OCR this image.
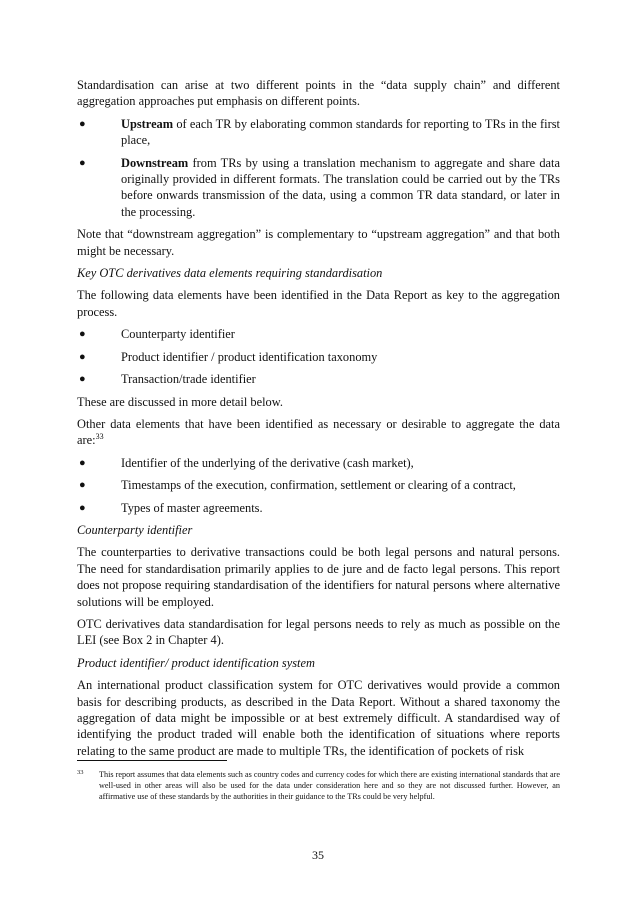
Standardisation can arise at two different points in the “data supply chain” and different aggregation approaches put emphasis on different points.

●	Upstream of each TR by elaborating common standards for reporting to TRs in the first place,
●	Downstream from TRs by using a translation mechanism to aggregate and share data originally provided in different formats. The translation could be carried out by the TRs before onwards transmission of the data, using a common TR data standard, or later in the processing.

Note that “downstream aggregation” is complementary to “upstream aggregation” and that both might be necessary.

Key OTC derivatives data elements requiring standardisation

The following data elements have been identified in the Data Report as key to the aggregation process.

●	Counterparty identifier
●	Product identifier / product identification taxonomy
●	Transaction/trade identifier

These are discussed in more detail below.

Other data elements that have been identified as necessary or desirable to aggregate the data are:$^{33}$

●	Identifier of the underlying of the derivative (cash market),
●	Timestamps of the execution, confirmation, settlement or clearing of a contract,
●	Types of master agreements.

Counterparty identifier

The counterparties to derivative transactions could be both legal persons and natural persons. The need for standardisation primarily applies to de jure and de facto legal persons. This report does not propose requiring standardisation of the identifiers for natural persons where alternative solutions will be employed.

OTC derivatives data standardisation for legal persons needs to rely as much as possible on the LEI (see Box 2 in Chapter 4).

Product identifier/ product identification system

An international product classification system for OTC derivatives would provide a common basis for describing products, as described in the Data Report. Without a shared taxonomy the aggregation of data might be impossible or at best extremely difficult. A standardised way of identifying the product traded will enable both the identification of situations where reports relating to the same product are made to multiple TRs, the identification of pockets of risk

33	This report assumes that data elements such as country codes and currency codes for which there are existing international standards that are well-used in other areas will also be used for the data under consideration here and so they are not discussed further. However, an affirmative use of these standards by the authorities in their guidance to the TRs could be very helpful.
35
